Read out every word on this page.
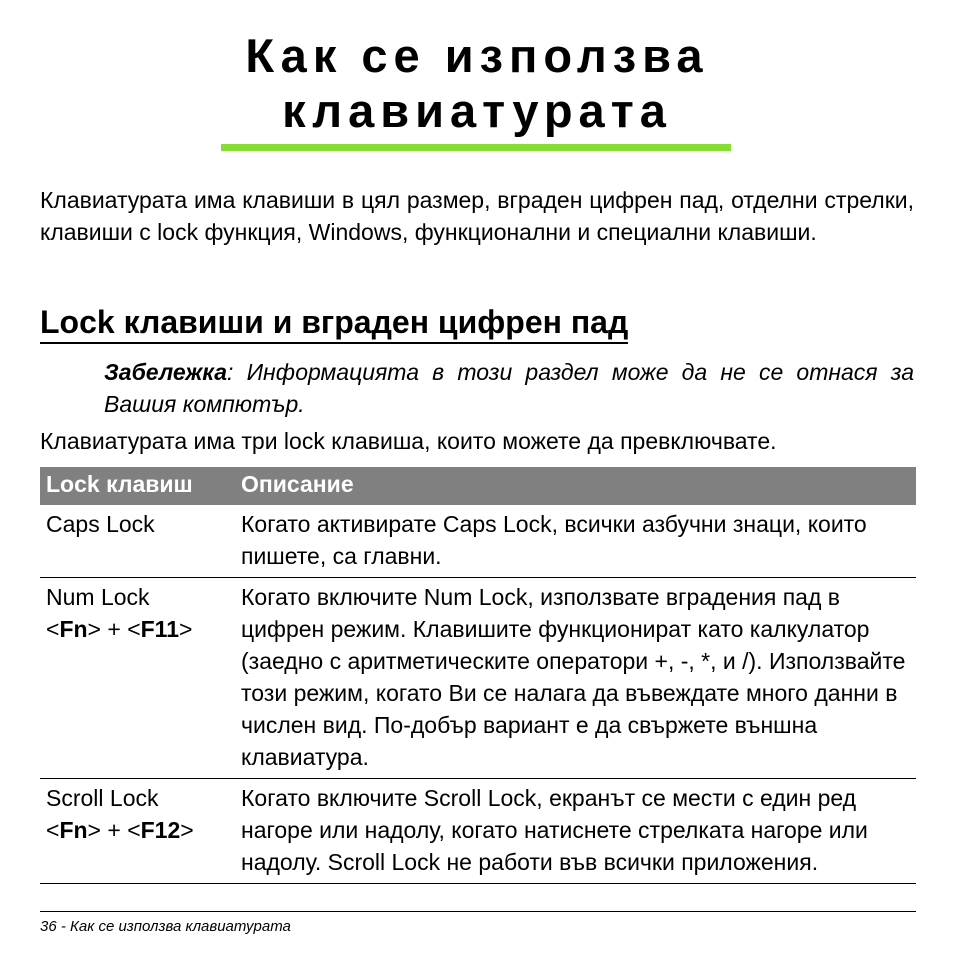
Как се използва
клавиатурата
Клавиатурата има клавиши в цял размер, вграден цифрен пад, отделни стрелки, клавиши с lock функция, Windows, функционални и специални клавиши.
Lock клавиши и вграден цифрен пад
Забележка: Информацията в този раздел може да не се отнася за Вашия компютър.
Клавиатурата има три lock клавиша, които можете да превключвате.
Lock клавиш	Описание

Caps Lock	Когато активирате Caps Lock, всички азбучни знаци, които пишете, са главни.

Num Lock
<Fn> + <F11>	Когато включите Num Lock, използвате вградения пад в цифрен режим. Клавишите функционират като калкулатор (заедно с аритметическите оператори +, -, *, и /). Използвайте този режим, когато Ви се налага да въвеждате много данни в числен вид. По-добър вариант е да свържете външна клавиатура.

Scroll Lock
<Fn> + <F12>	Когато включите Scroll Lock, екранът се мести с един ред нагоре или надолу, когато натиснете стрелката нагоре или надолу. Scroll Lock не работи във всички приложения.
36 - Как се използва клавиатурата
